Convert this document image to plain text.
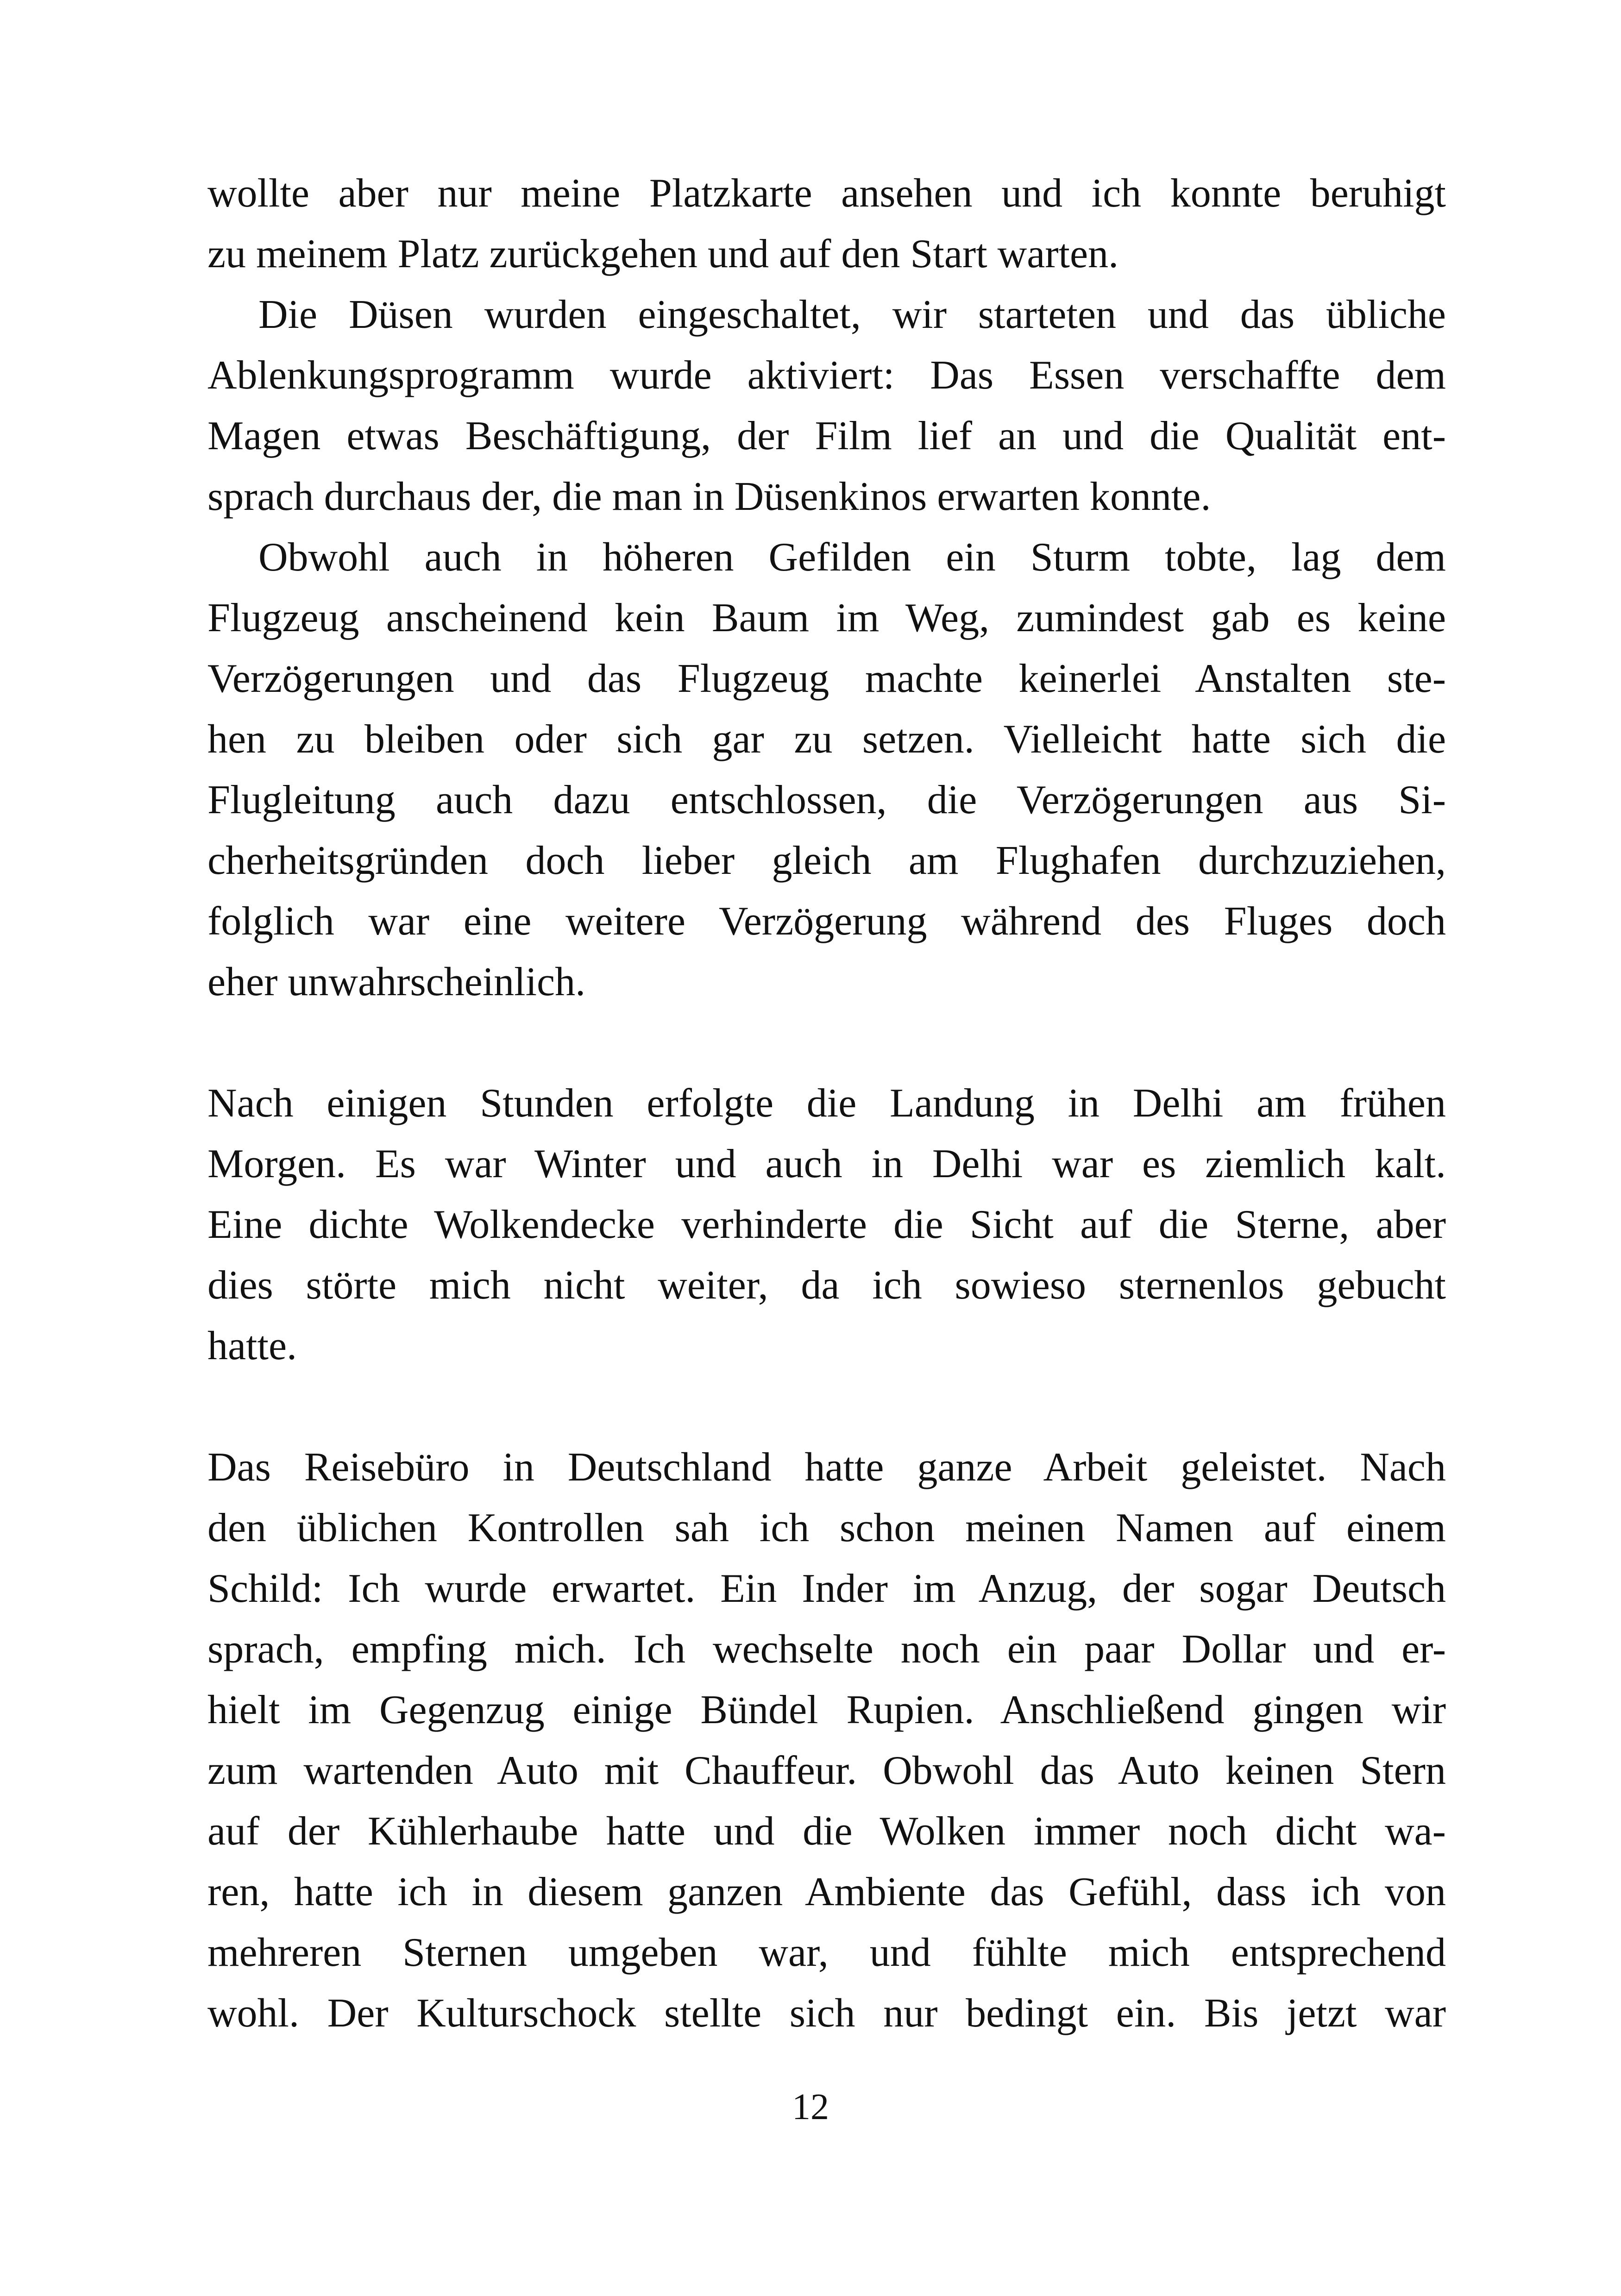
wollte aber nur meine Platzkarte ansehen und ich konnte beruhigt
zu meinem Platz zurückgehen und auf den Start warten.
Die Düsen wurden eingeschaltet, wir starteten und das übliche
Ablenkungsprogramm wurde aktiviert: Das Essen verschaffte dem
Magen etwas Beschäftigung, der Film lief an und die Qualität ent-
sprach durchaus der, die man in Düsenkinos erwarten konnte.
Obwohl auch in höheren Gefilden ein Sturm tobte, lag dem
Flugzeug anscheinend kein Baum im Weg, zumindest gab es keine
Verzögerungen und das Flugzeug machte keinerlei Anstalten ste-
hen zu bleiben oder sich gar zu setzen. Vielleicht hatte sich die
Flugleitung auch dazu entschlossen, die Verzögerungen aus Si-
cherheitsgründen doch lieber gleich am Flughafen durchzuziehen,
folglich war eine weitere Verzögerung während des Fluges doch
eher unwahrscheinlich.
Nach einigen Stunden erfolgte die Landung in Delhi am frühen
Morgen. Es war Winter und auch in Delhi war es ziemlich kalt.
Eine dichte Wolkendecke verhinderte die Sicht auf die Sterne, aber
dies störte mich nicht weiter, da ich sowieso sternenlos gebucht
hatte.
Das Reisebüro in Deutschland hatte ganze Arbeit geleistet. Nach
den üblichen Kontrollen sah ich schon meinen Namen auf einem
Schild: Ich wurde erwartet. Ein Inder im Anzug, der sogar Deutsch
sprach, empfing mich. Ich wechselte noch ein paar Dollar und er-
hielt im Gegenzug einige Bündel Rupien. Anschließend gingen wir
zum wartenden Auto mit Chauffeur. Obwohl das Auto keinen Stern
auf der Kühlerhaube hatte und die Wolken immer noch dicht wa-
ren, hatte ich in diesem ganzen Ambiente das Gefühl, dass ich von
mehreren Sternen umgeben war, und fühlte mich entsprechend
wohl. Der Kulturschock stellte sich nur bedingt ein. Bis jetzt war
12
